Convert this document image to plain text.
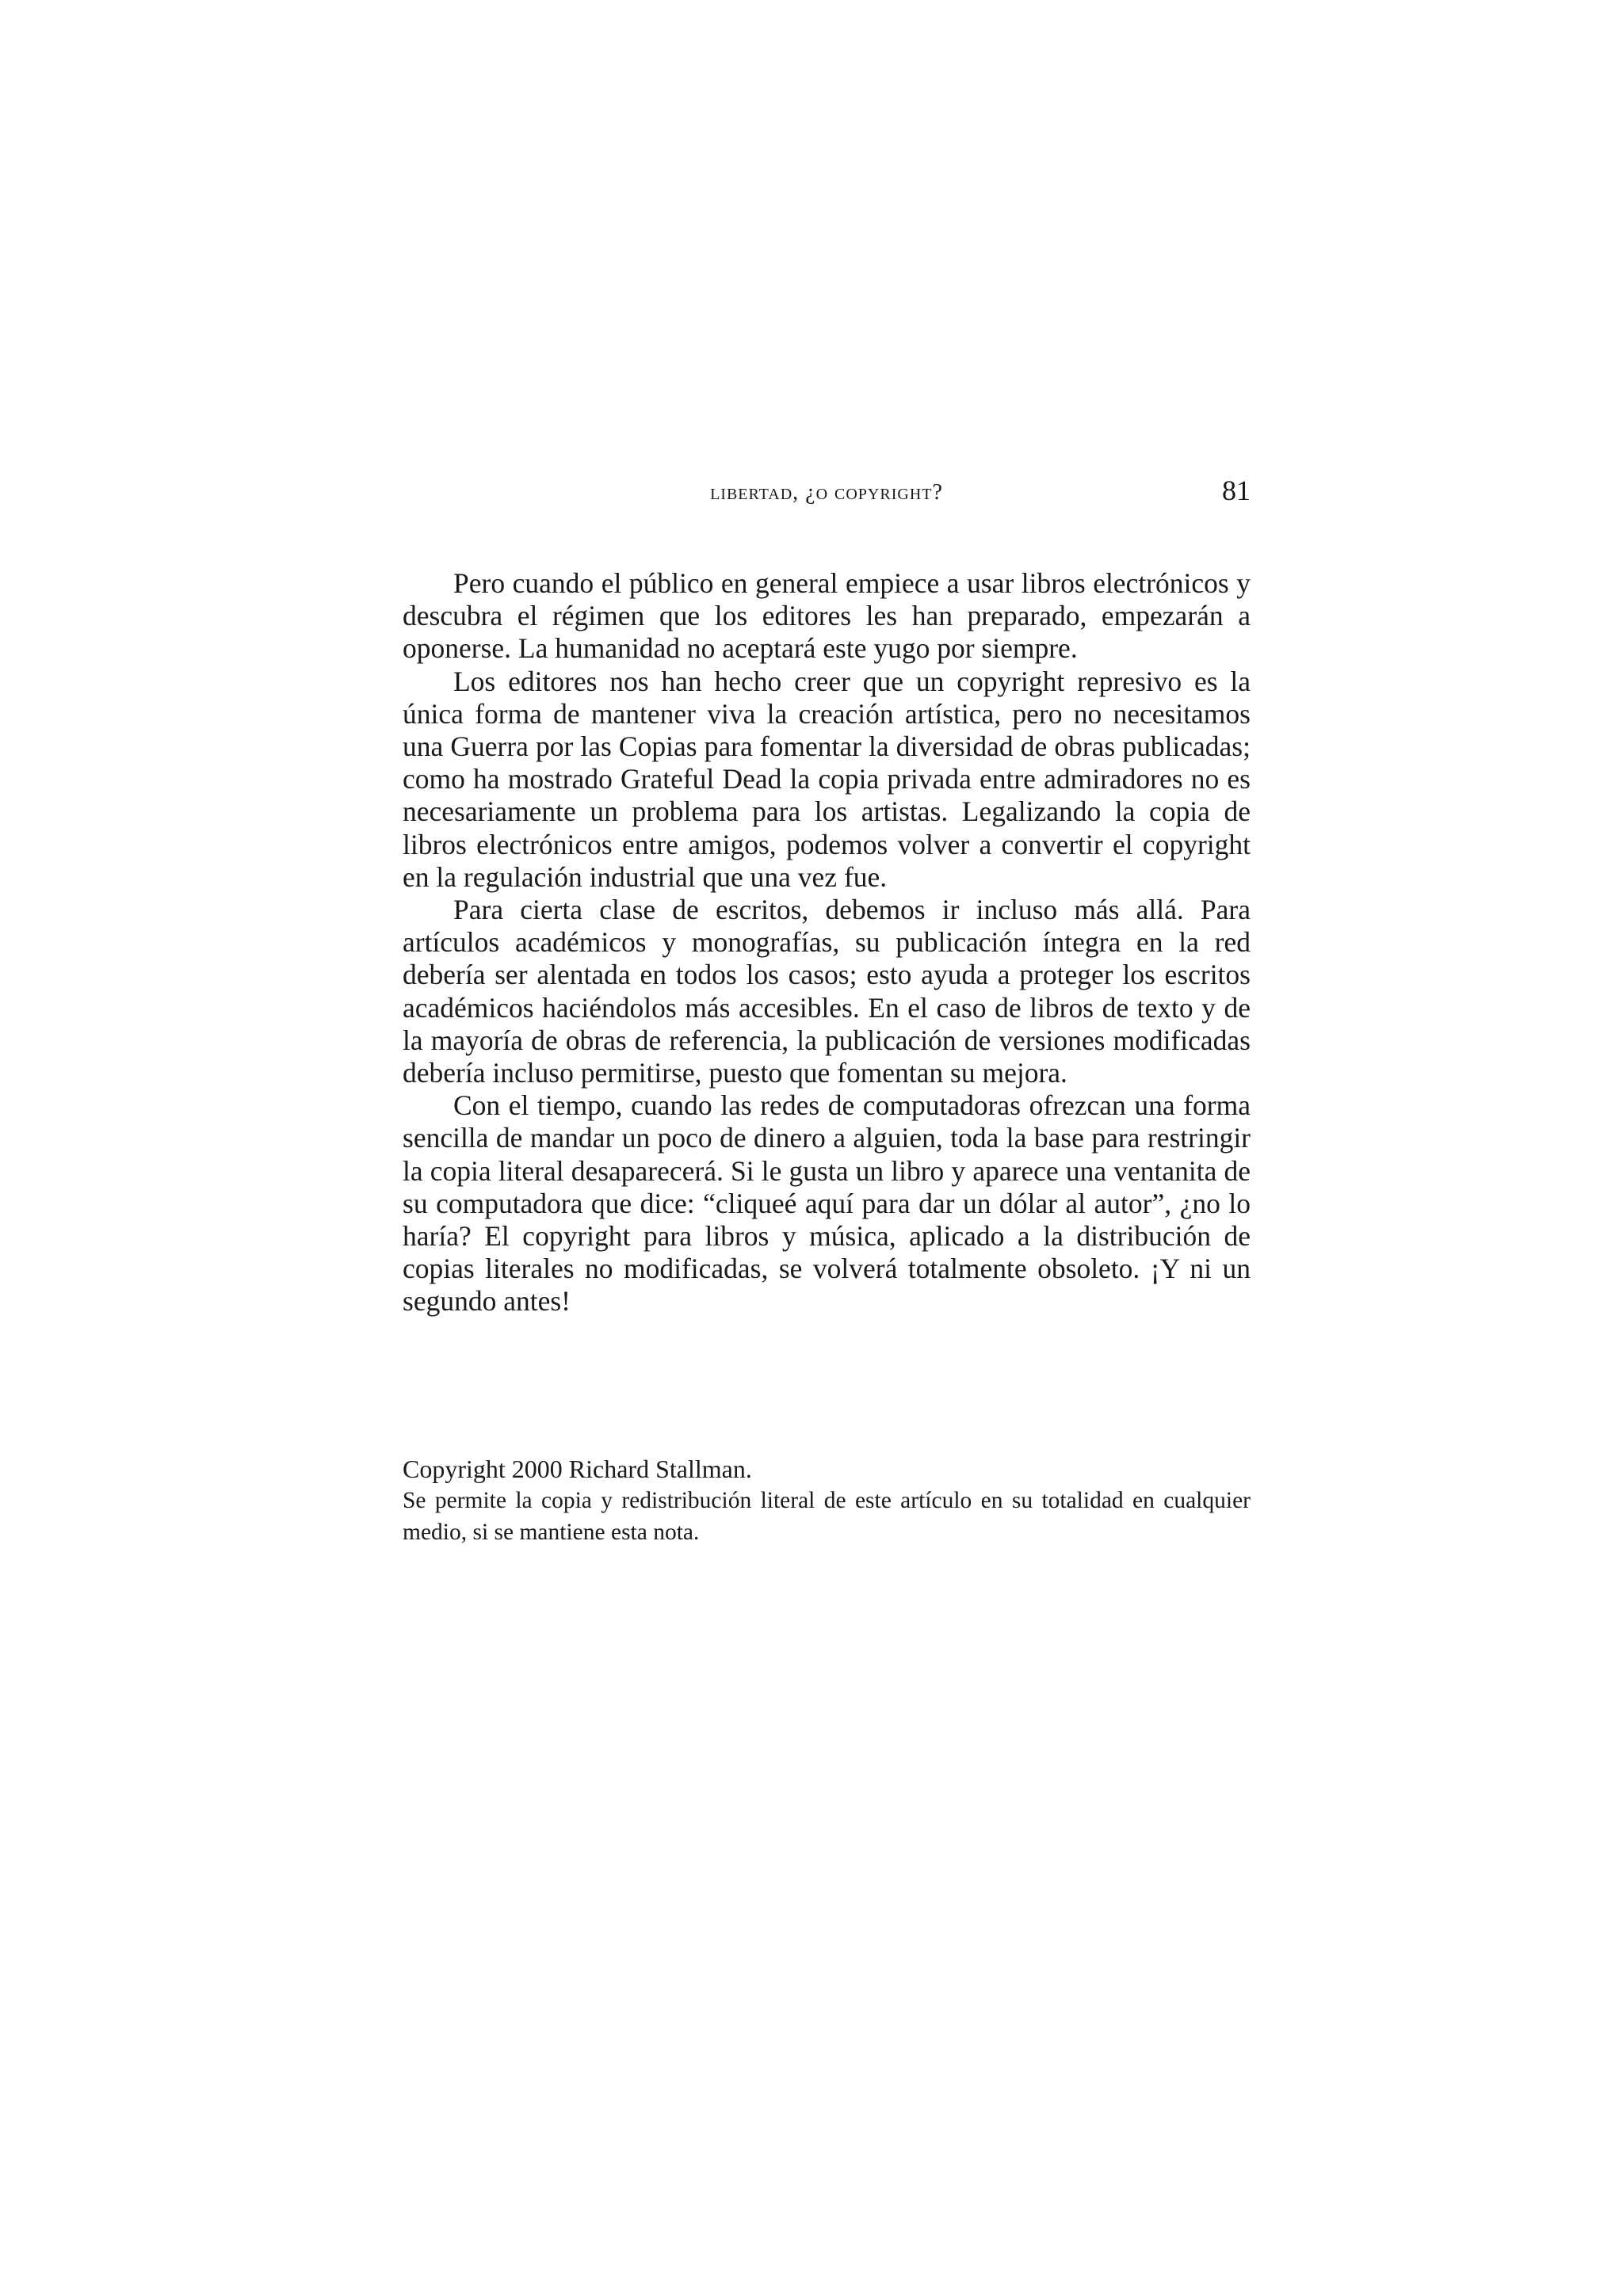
libertad, ¿o copyright?	81

Pero cuando el público en general empiece a usar libros electrónicos y descubra el régimen que los editores les han preparado, empezarán a oponerse. La humanidad no aceptará este yugo por siempre.

Los editores nos han hecho creer que un copyright represivo es la única forma de mantener viva la creación artística, pero no necesitamos una Guerra por las Copias para fomentar la diversidad de obras publicadas; como ha mostrado Grateful Dead la copia privada entre admiradores no es necesariamente un problema para los artistas. Legalizando la copia de libros electrónicos entre amigos, podemos volver a convertir el copyright en la regulación industrial que una vez fue.

Para cierta clase de escritos, debemos ir incluso más allá. Para artículos académicos y monografías, su publicación íntegra en la red debería ser alentada en todos los casos; esto ayuda a proteger los escritos académicos haciéndolos más accesibles. En el caso de libros de texto y de la mayoría de obras de referencia, la publicación de versiones modificadas debería incluso permitirse, puesto que fomentan su mejora.

Con el tiempo, cuando las redes de computadoras ofrezcan una forma sencilla de mandar un poco de dinero a alguien, toda la base para restringir la copia literal desaparecerá. Si le gusta un libro y aparece una ventanita de su computadora que dice: “cliqueé aquí para dar un dólar al autor”, ¿no lo haría? El copyright para libros y música, aplicado a la distribución de copias literales no modificadas, se volverá totalmente obsoleto. ¡Y ni un segundo antes!

Copyright 2000 Richard Stallman.
Se permite la copia y redistribución literal de este artículo en su totalidad en cualquier medio, si se mantiene esta nota.
